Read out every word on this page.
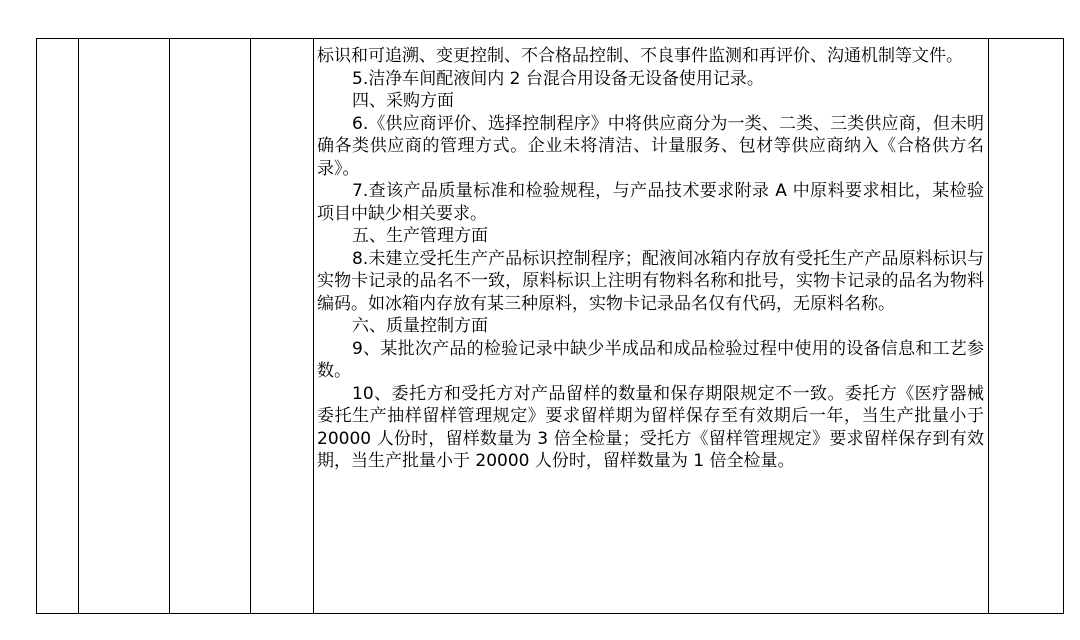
标识和可追溯、变更控制、不合格品控制、不良事件监测和再评价、沟通机制等文件。

5.洁净车间配液间内 2 台混合用设备无设备使用记录。

四、采购方面

6.《供应商评价、选择控制程序》中将供应商分为一类、二类、三类供应商，但未明确各类供应商的管理方式。企业未将清洁、计量服务、包材等供应商纳入《合格供方名录》。

7.查该产品质量标准和检验规程，与产品技术要求附录 A 中原料要求相比，某检验项目中缺少相关要求。

五、生产管理方面

8.未建立受托生产产品标识控制程序；配液间冰箱内存放有受托生产产品原料标识与实物卡记录的品名不一致，原料标识上注明有物料名称和批号，实物卡记录的品名为物料编码。如冰箱内存放有某三种原料，实物卡记录品名仅有代码，无原料名称。

六、质量控制方面

9、某批次产品的检验记录中缺少半成品和成品检验过程中使用的设备信息和工艺参数。

10、委托方和受托方对产品留样的数量和保存期限规定不一致。委托方《医疗器械委托生产抽样留样管理规定》要求留样期为留样保存至有效期后一年，当生产批量小于 20000 人份时，留样数量为 3 倍全检量；受托方《留样管理规定》要求留样保存到有效期，当生产批量小于 20000 人份时，留样数量为 1 倍全检量。
